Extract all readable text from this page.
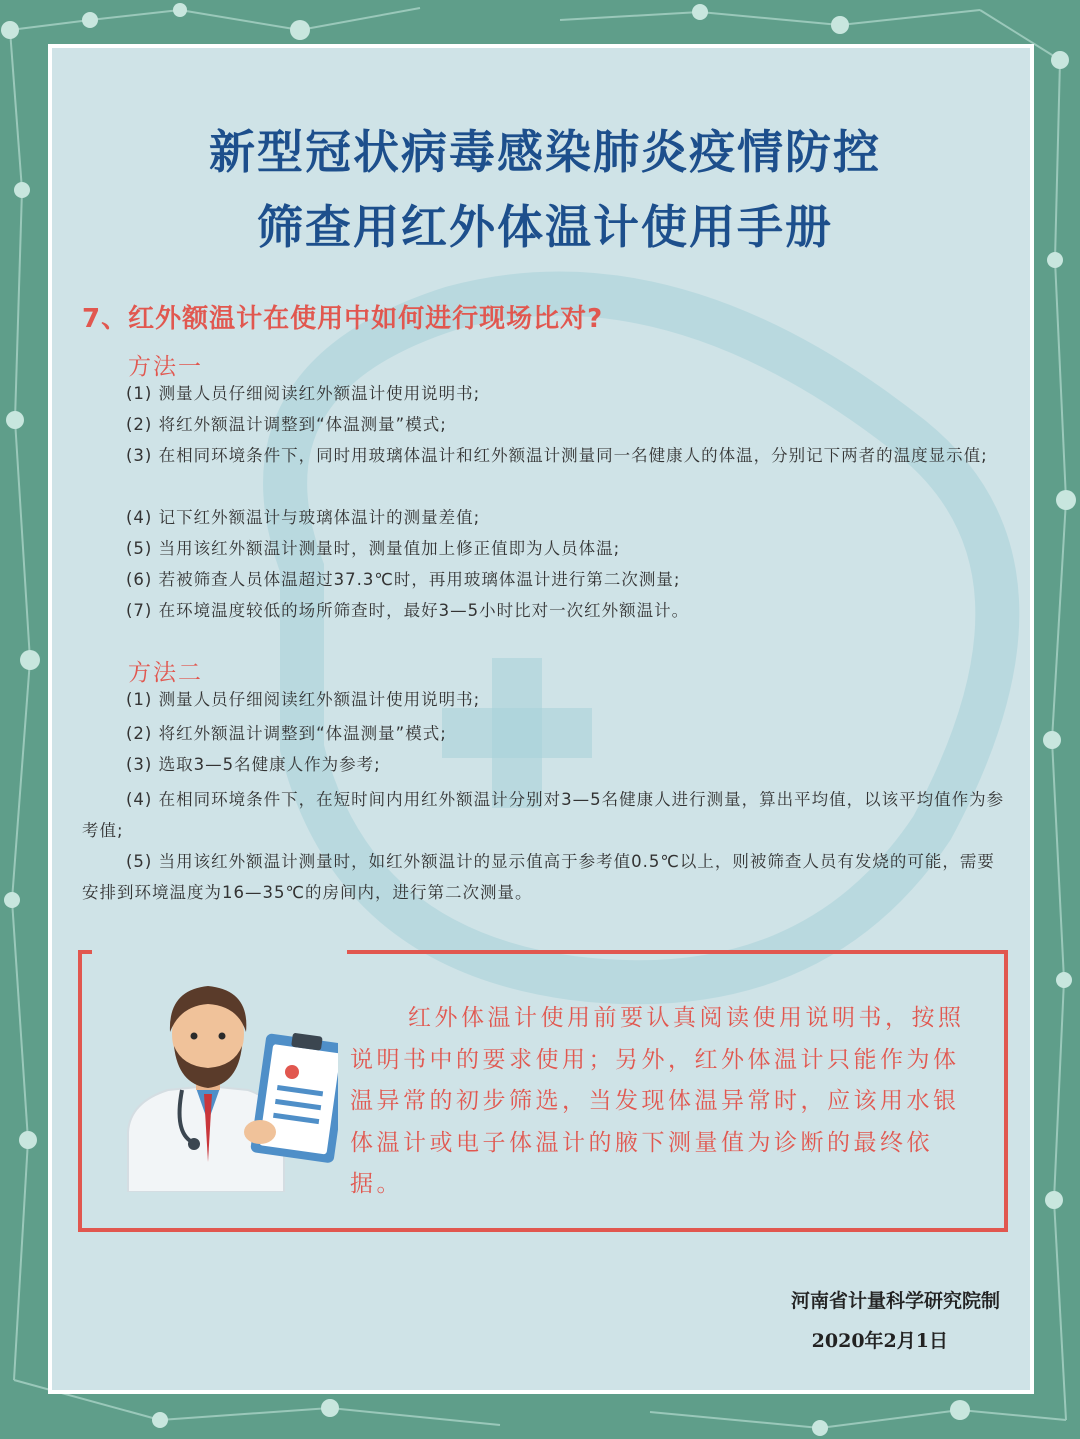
新型冠状病毒感染肺炎疫情防控
筛查用红外体温计使用手册
7、红外额温计在使用中如何进行现场比对?
方法一
(1) 测量人员仔细阅读红外额温计使用说明书;
(2) 将红外额温计调整到“体温测量”模式;
(3) 在相同环境条件下，同时用玻璃体温计和红外额温计测量同一名健康人的体温，分别记下两者的温度显示值;
(4) 记下红外额温计与玻璃体温计的测量差值;
(5) 当用该红外额温计测量时，测量值加上修正值即为人员体温;
(6) 若被筛查人员体温超过37.3℃时，再用玻璃体温计进行第二次测量;
(7) 在环境温度较低的场所筛查时，最好3—5小时比对一次红外额温计。
方法二
(1) 测量人员仔细阅读红外额温计使用说明书;
(2) 将红外额温计调整到“体温测量”模式;
(3) 选取3—5名健康人作为参考;
(4) 在相同环境条件下，在短时间内用红外额温计分别对3—5名健康人进行测量，算出平均值，以该平均值作为参考值;
(5) 当用该红外额温计测量时，如红外额温计的显示值高于参考值0.5℃以上，则被筛查人员有发烧的可能，需要安排到环境温度为16—35℃的房间内，进行第二次测量。
红外体温计使用前要认真阅读使用说明书，按照说明书中的要求使用；另外，红外体温计只能作为体温异常的初步筛选，当发现体温异常时，应该用水银体温计或电子体温计的腋下测量值为诊断的最终依据。
河南省计量科学研究院制
2020年2月1日
